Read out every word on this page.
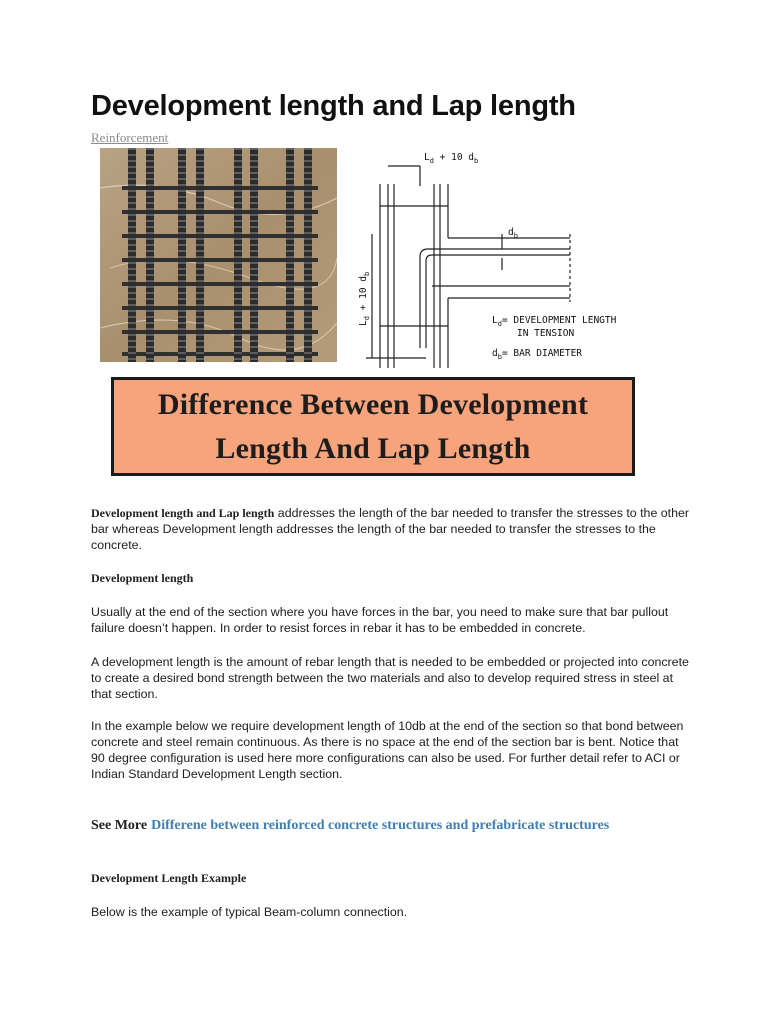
Development length and Lap length
Reinforcement
$L_d + 10$ $d_b$
$d_b$
$L_d + 10$ $d_b$
$L_d=$ DEVELOPMENT LENGTH
IN TENSION
$d_b=$ BAR DIAMETER
Difference Between Development
Length And Lap Length

Development length and Lap length addresses the length of the bar needed to transfer the stresses to the other bar whereas Development length addresses the length of the bar needed to transfer the stresses to the concrete.

Development length

Usually at the end of the section where you have forces in the bar, you need to make sure that bar pullout failure doesn’t happen. In order to resist forces in rebar it has to be embedded in concrete.

A development length is the amount of rebar length that is needed to be embedded or projected into concrete to create a desired bond strength between the two materials and also to develop required stress in steel at that section.

In the example below we require development length of 10db at the end of the section so that bond between concrete and steel remain continuous. As there is no space at the end of the section bar is bent. Notice that 90 degree configuration is used here more configurations can also be used. For further detail refer to ACI or Indian Standard Development Length section.

See More Differene between reinforced concrete structures and prefabricate structures

Development Length Example

Below is the example of typical Beam-column connection.
